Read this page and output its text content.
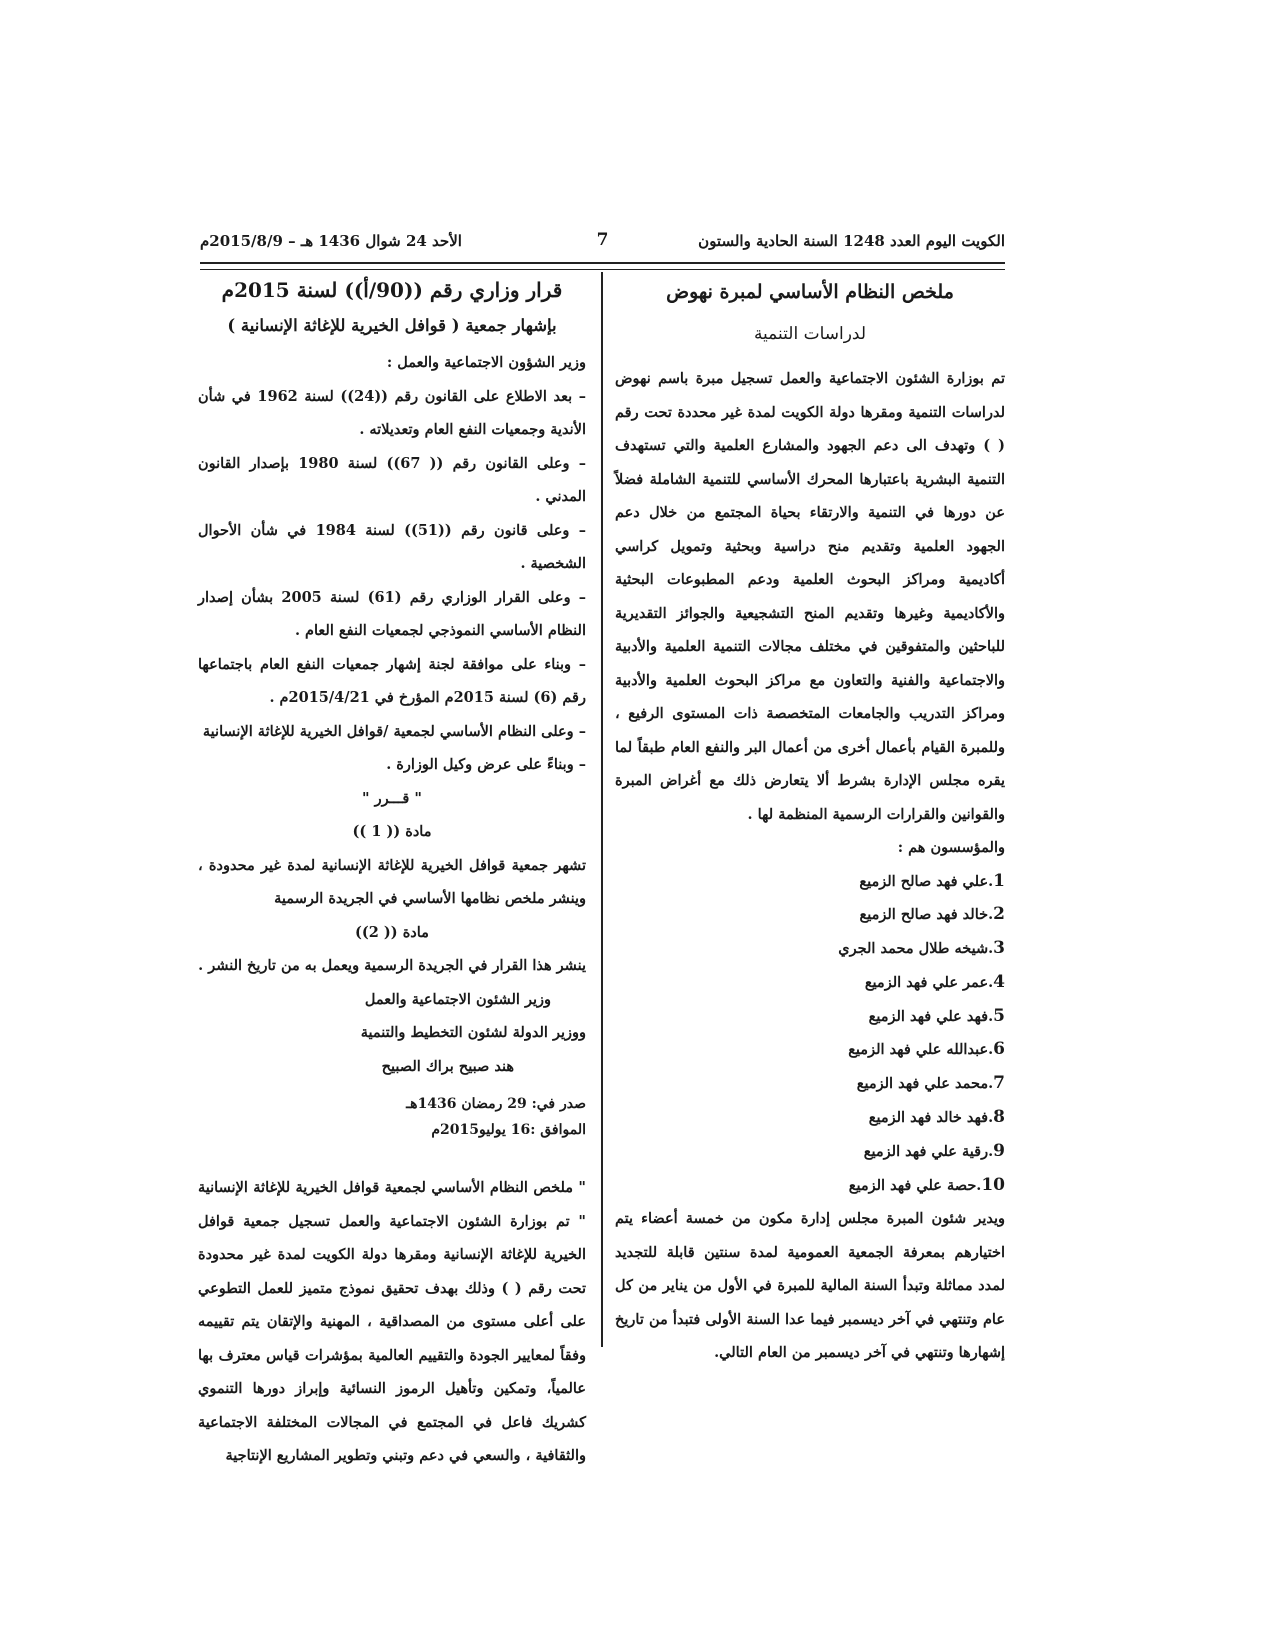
الكويت اليوم العدد 1248 السنة الحادية والستون
7
الأحد 24 شوال 1436 هـ – 2015/8/9م
ملخص النظام الأساسي لمبرة نهوض
لدراسات التنمية

تم بوزارة الشئون الاجتماعية والعمل تسجيل مبرة باسم نهوض لدراسات التنمية ومقرها دولة الكويت لمدة غير محددة تحت رقم ( ) وتهدف الى دعم الجهود والمشارع العلمية والتي تستهدف التنمية البشرية باعتبارها المحرك الأساسي للتنمية الشاملة فضلاً عن دورها في التنمية والارتقاء بحياة المجتمع من خلال دعم الجهود العلمية وتقديم منح دراسية وبحثية وتمويل كراسي أكاديمية ومراكز البحوث العلمية ودعم المطبوعات البحثية والأكاديمية وغيرها وتقديم المنح التشجيعية والجوائز التقديرية للباحثين والمتفوقين في مختلف مجالات التنمية العلمية والأدبية والاجتماعية والفنية والتعاون مع مراكز البحوث العلمية والأدبية ومراكز التدريب والجامعات المتخصصة ذات المستوى الرفيع ، وللمبرة القيام بأعمال أخرى من أعمال البر والنفع العام طبقاً لما يقره مجلس الإدارة بشرط ألا يتعارض ذلك مع أغراض المبرة والقوانين والقرارات الرسمية المنظمة لها .

والمؤسسون هم :

1.علي فهد صالح الزميع
2.خالد فهد صالح الزميع
3.شيخه طلال محمد الجري
4.عمر علي فهد الزميع
5.فهد علي فهد الزميع
6.عبدالله علي فهد الزميع
7.محمد علي فهد الزميع
8.فهد خالد فهد الزميع
9.رقية علي فهد الزميع
10.حصة علي فهد الزميع

ويدير شئون المبرة مجلس إدارة مكون من خمسة أعضاء يتم اختيارهم بمعرفة الجمعية العمومية لمدة سنتين قابلة للتجديد لمدد مماثلة وتبدأ السنة المالية للمبرة في الأول من يناير من كل عام وتنتهي في آخر ديسمبر فيما عدا السنة الأولى فتبدأ من تاريخ إشهارها وتنتهي في آخر ديسمبر من العام التالي.

قرار وزاري رقم ((90/أ)) لسنة 2015م
بإشهار جمعية ( قوافل الخيرية للإغاثة الإنسانية )

وزير الشؤون الاجتماعية والعمل :

– بعد الاطلاع على القانون رقم ((24)) لسنة 1962 في شأن الأندية وجمعيات النفع العام وتعديلاته .

– وعلى القانون رقم (( 67)) لسنة 1980 بإصدار القانون المدني .

– وعلى قانون رقم ((51)) لسنة 1984 في شأن الأحوال الشخصية .

– وعلى القرار الوزاري رقم (61) لسنة 2005 بشأن إصدار النظام الأساسي النموذجي لجمعيات النفع العام .

– وبناء على موافقة لجنة إشهار جمعيات النفع العام باجتماعها رقم (6) لسنة 2015م المؤرخ في 2015/4/21م .

– وعلى النظام الأساسي لجمعية /قوافل الخيرية للإغاثة الإنسانية

– وبناءً على عرض وكيل الوزارة .

" قـــرر "

مادة (( 1 ))

تشهر جمعية قوافل الخيرية للإغاثة الإنسانية لمدة غير محدودة ، وينشر ملخص نظامها الأساسي في الجريدة الرسمية

مادة (( 2))

ينشر هذا القرار في الجريدة الرسمية ويعمل به من تاريخ النشر .

وزير الشئون الاجتماعية والعمل

ووزير الدولة لشئون التخطيط والتنمية

هند صبيح براك الصبيح

صدر في: 29 رمضان 1436هـ

الموافق :16 يوليو2015م

" ملخص النظام الأساسي لجمعية قوافل الخيرية للإغاثة الإنسانية " تم بوزارة الشئون الاجتماعية والعمل تسجيل جمعية قوافل الخيرية للإغاثة الإنسانية ومقرها دولة الكويت لمدة غير محدودة تحت رقم ( ) وذلك بهدف تحقيق نموذج متميز للعمل التطوعي على أعلى مستوى من المصداقية ، المهنية والإتقان يتم تقييمه وفقاً لمعايير الجودة والتقييم العالمية بمؤشرات قياس معترف بها عالمياً، وتمكين وتأهيل الرموز النسائية وإبراز دورها التنموي كشريك فاعل في المجتمع في المجالات المختلفة الاجتماعية والثقافية ، والسعي في دعم وتبني وتطوير المشاريع الإنتاجية
